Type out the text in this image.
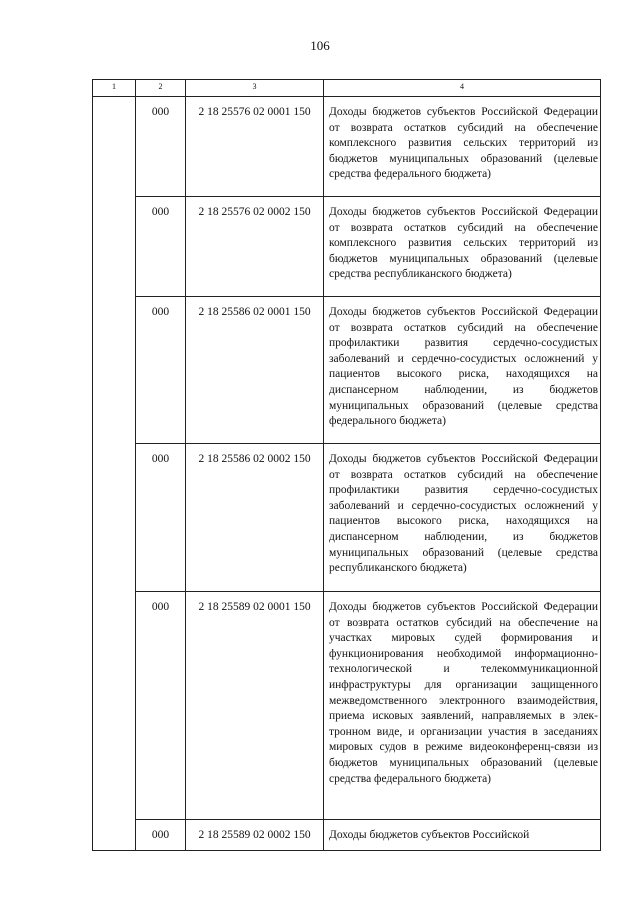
106
1	2	3	4
	000	2 18 25576 02 0001 150	Доходы бюджетов субъектов Российской Федерации от возврата остатков субсидий на обеспечение комплексного развития сельских территорий из бюджетов муниципальных образований (целевые средства федерального бюджета)
	000	2 18 25576 02 0002 150	Доходы бюджетов субъектов Российской Федерации от возврата остатков субсидий на обеспечение комплексного развития сельских территорий из бюджетов муниципальных образований (целевые средства республиканского бюджета)
	000	2 18 25586 02 0001 150	Доходы бюджетов субъектов Российской Федерации от возврата остатков субсидий на обеспечение профилактики развития сердечно-сосудистых заболеваний и сердечно-сосудистых осложнений у пациентов высокого риска, находящихся на диспансерном наблюдении, из бюджетов муниципальных образований (целевые средства федерального бюджета)
	000	2 18 25586 02 0002 150	Доходы бюджетов субъектов Российской Федерации от возврата остатков субсидий на обеспечение профилактики развития сердечно-сосудистых заболеваний и сердечно-сосудистых осложнений у пациентов высокого риска, находящихся на диспансерном наблюдении, из бюджетов муниципальных образований (целевые средства республиканского бюджета)
	000	2 18 25589 02 0001 150	Доходы бюджетов субъектов Российской Федерации от возврата остатков субсидий на обеспечение на участках мировых судей формирования и функционирования необходимой информационно-технологической и телекоммуникационной инфраструктуры для организации защищенного межведомственного электронного взаимодействия, приема исковых заявлений, направляемых в электронном виде, и организации участия в заседаниях мировых судов в режиме видеоконференц-связи из бюджетов муниципальных образований (целевые средства федерального бюджета)
	000	2 18 25589 02 0002 150	Доходы бюджетов субъектов Российской
